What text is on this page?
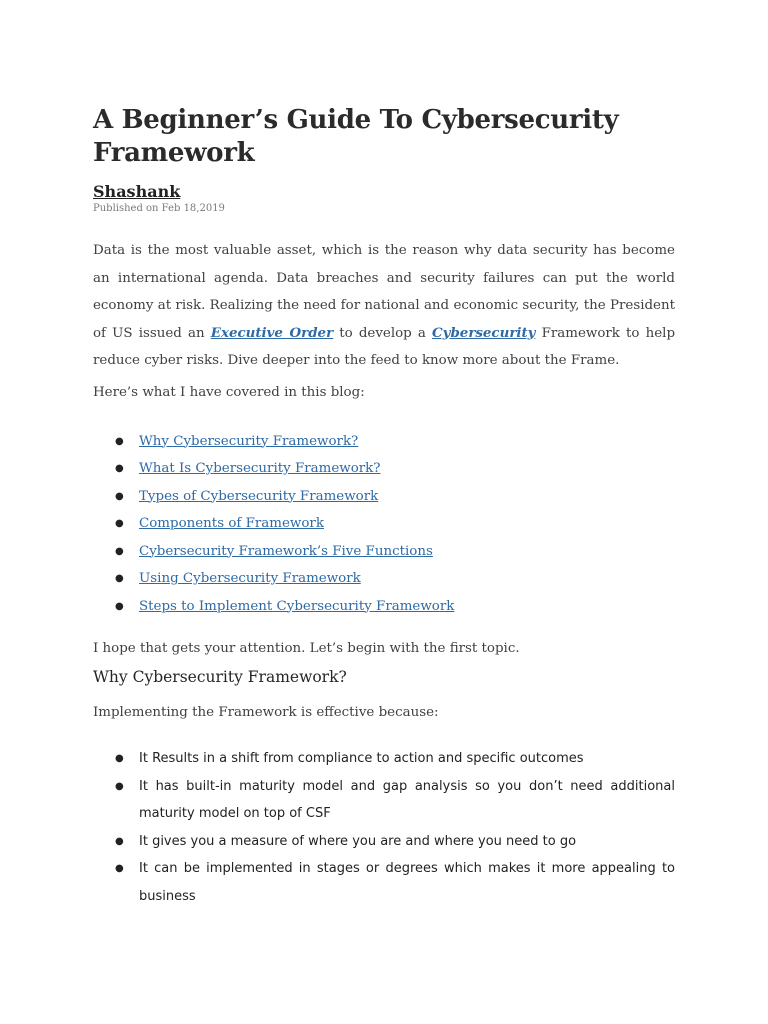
A Beginner’s Guide To Cybersecurity Framework
Shashank
Published on Feb 18,2019

Data is the most valuable asset, which is the reason why data security has become an international agenda. Data breaches and security failures can put the world economy at risk. Realizing the need for national and economic security, the President of US issued an Executive Order to develop a Cybersecurity Framework to help reduce cyber risks. Dive deeper into the feed to know more about the Frame.

Here’s what I have covered in this blog:
● Why Cybersecurity Framework?
● What Is Cybersecurity Framework?
● Types of Cybersecurity Framework
● Components of Framework
● Cybersecurity Framework’s Five Functions
● Using Cybersecurity Framework
● Steps to Implement Cybersecurity Framework
I hope that gets your attention. Let’s begin with the first topic.
Why Cybersecurity Framework?
Implementing the Framework is effective because:
● It Results in a shift from compliance to action and specific outcomes
● It has built-in maturity model and gap analysis so you don’t need additional maturity model on top of CSF
● It gives you a measure of where you are and where you need to go
● It can be implemented in stages or degrees which makes it more appealing to business
